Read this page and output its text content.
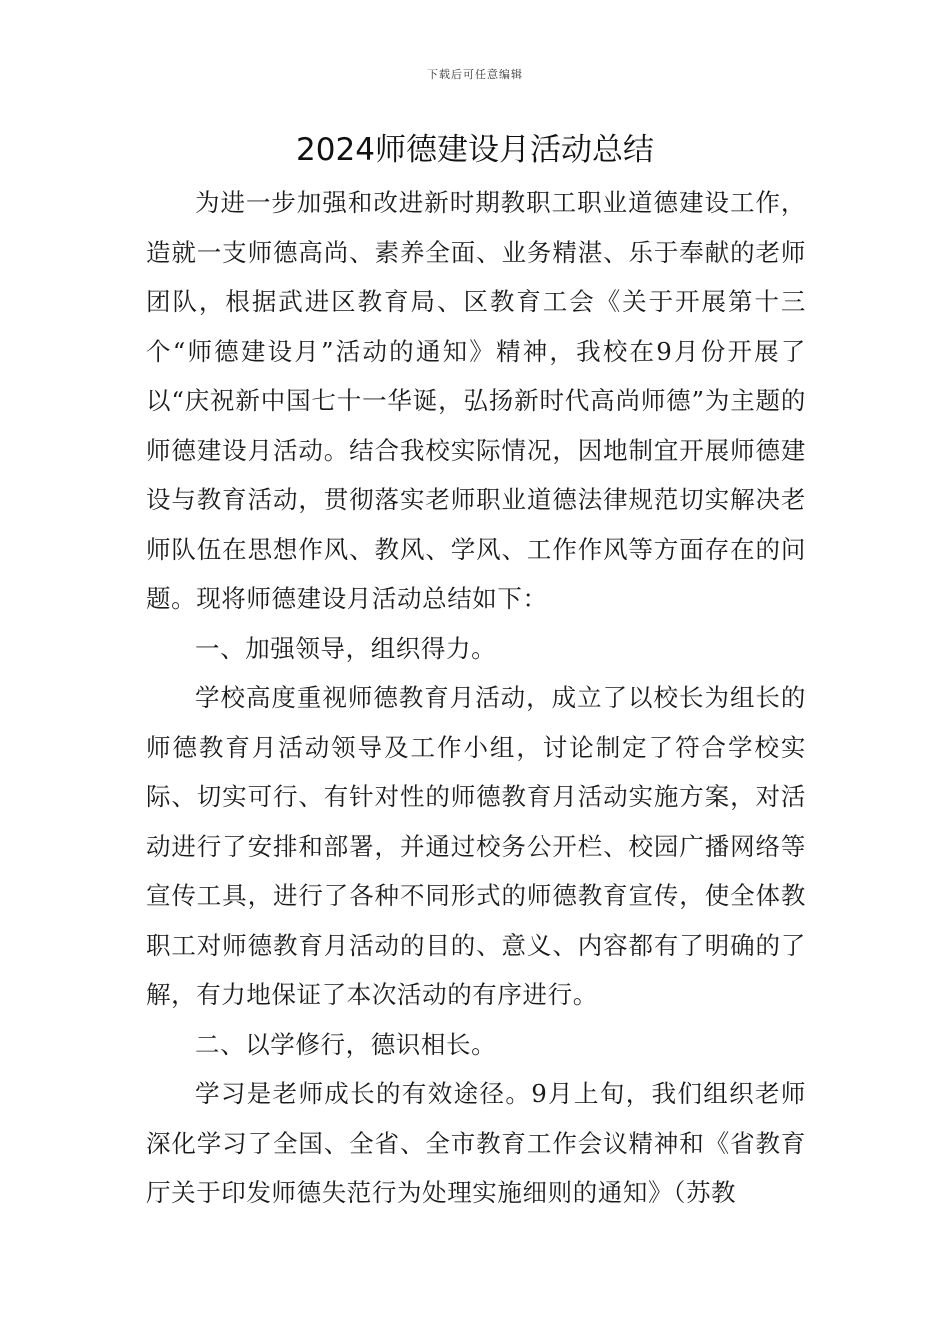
下载后可任意编辑
2024师德建设月活动总结

为进一步加强和改进新时期教职工职业道德建设工作，造就一支师德高尚、素养全面、业务精湛、乐于奉献的老师团队，根据武进区教育局、区教育工会《关于开展第十三个“师德建设月”活动的通知》精神，我校在9月份开展了以“庆祝新中国七十一华诞，弘扬新时代高尚师德”为主题的师德建设月活动。结合我校实际情况，因地制宜开展师德建设与教育活动，贯彻落实老师职业道德法律规范切实解决老师队伍在思想作风、教风、学风、工作作风等方面存在的问题。现将师德建设月活动总结如下：

一、加强领导，组织得力。

学校高度重视师德教育月活动，成立了以校长为组长的师德教育月活动领导及工作小组，讨论制定了符合学校实际、切实可行、有针对性的师德教育月活动实施方案，对活动进行了安排和部署，并通过校务公开栏、校园广播网络等宣传工具，进行了各种不同形式的师德教育宣传，使全体教职工对师德教育月活动的目的、意义、内容都有了明确的了解，有力地保证了本次活动的有序进行。

二、以学修行，德识相长。

学习是老师成长的有效途径。9月上旬，我们组织老师深化学习了全国、全省、全市教育工作会议精神和《省教育厅关于印发师德失范行为处理实施细则的通知》（苏教
